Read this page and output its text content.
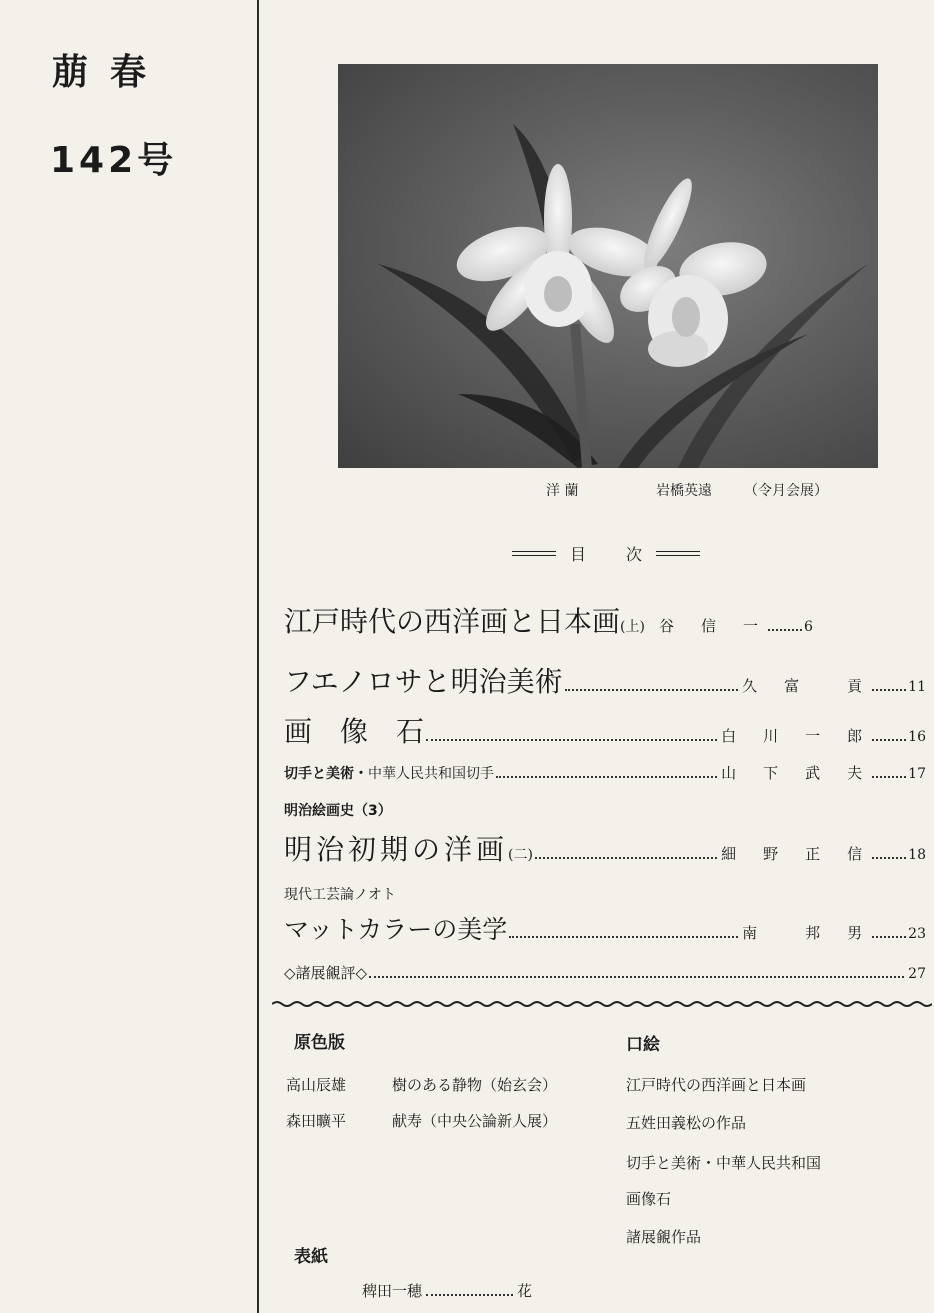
萠春
142号
洋 蘭	岩橋英遠 （令月会展）
目次
江戸時代の西洋画と日本画 (上) 谷　信　一	6
フエノロサと明治美術	久　富　　貢	11
画　像　石	白　川　一　郎	16
切手と美術・ 中華人民共和国切手	山　下　武　夫	17
明治絵画史（3）
明治初期の洋画 (二)	細　野　正　信	18
現代工芸論ノオト
マットカラーの美学	南　　邦　男	23
◇諸展覦評◇	27
原色版
高山辰雄	樹のある静物（始玄会）
森田曠平	献寿（中央公論新人展）
表紙
稗田一穂	花
口絵
江戸時代の西洋画と日本画
五姓田義松の作品
切手と美術・中華人民共和国
画像石
諸展覦作品
